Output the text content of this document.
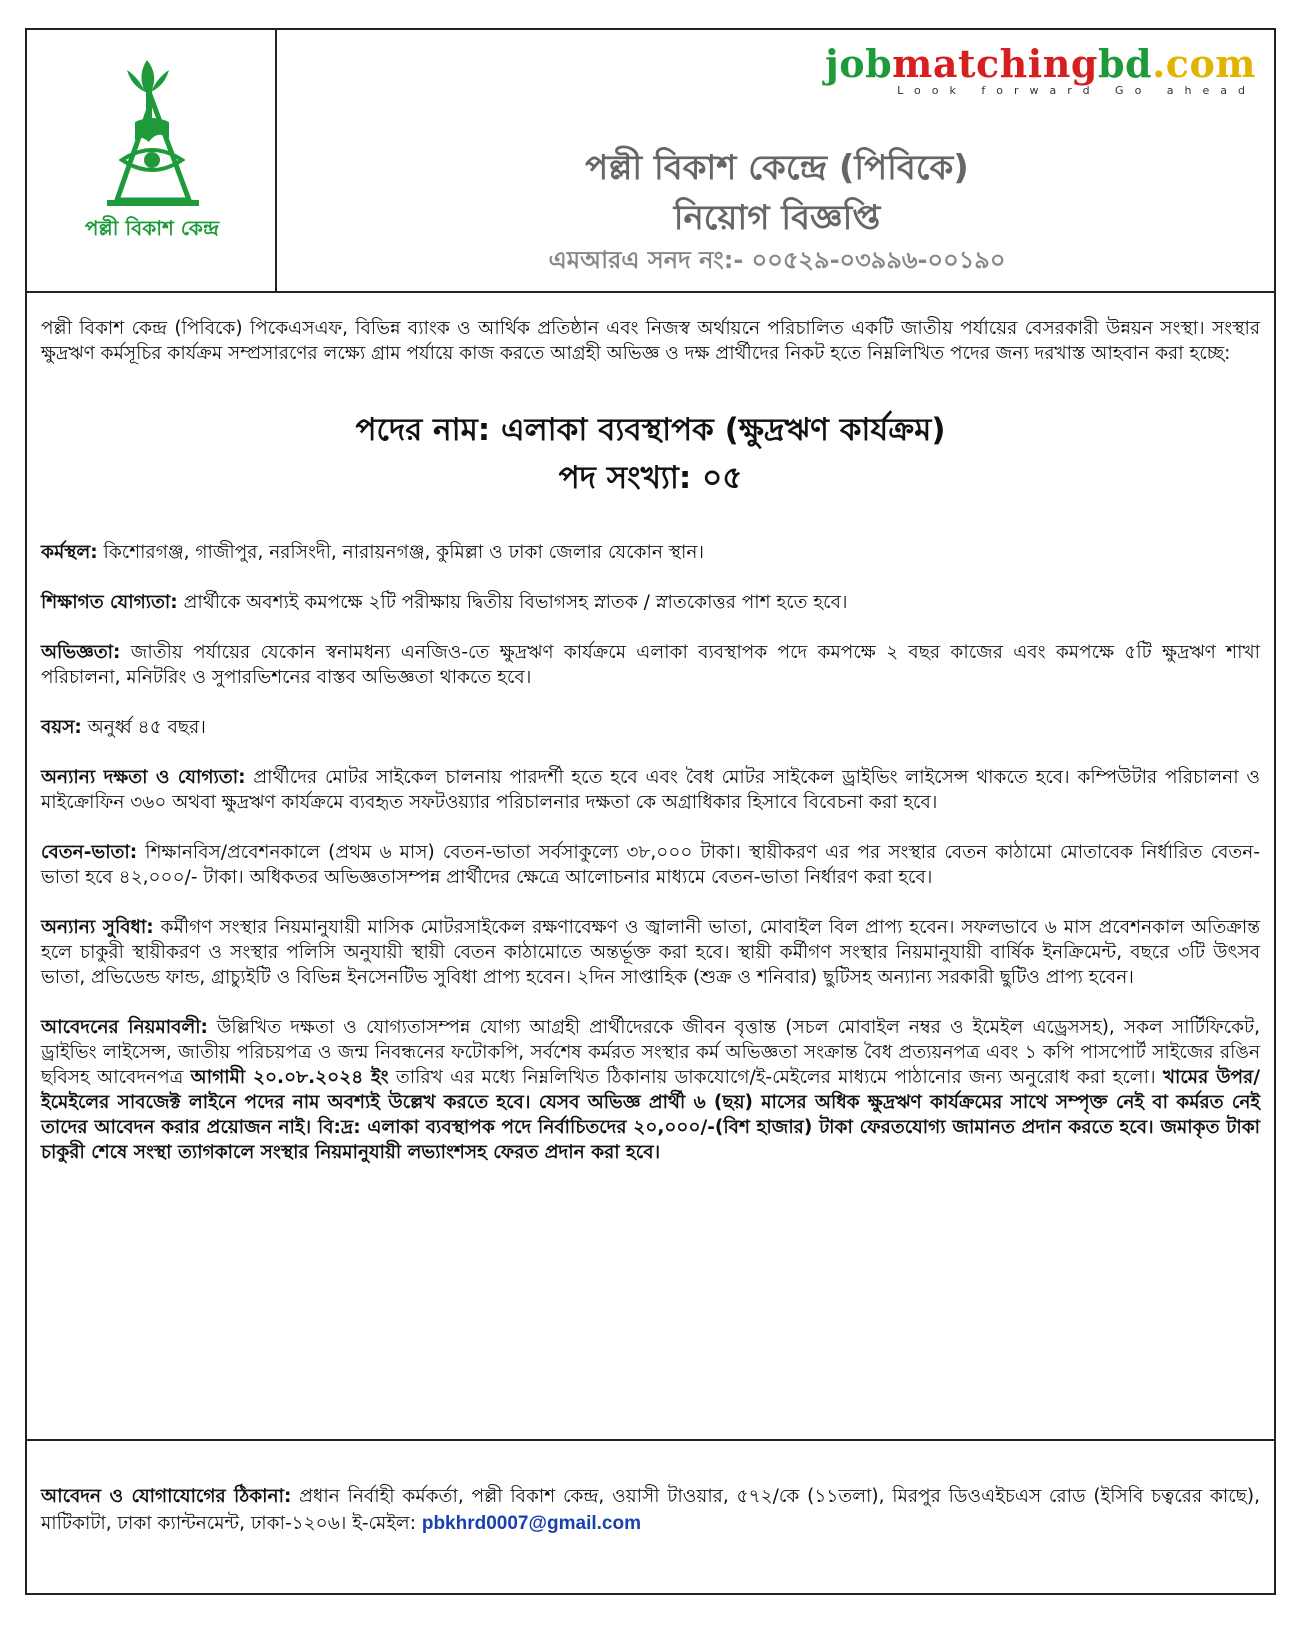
পল্লী বিকাশ কেন্দ্র
jobmatchingbd.com
Look forward Go ahead
পল্লী বিকাশ কেন্দ্রে (পিবিকে)
নিয়োগ বিজ্ঞপ্তি
এমআরএ সনদ নং:- ০০৫২৯-০৩৯৯৬-০০১৯০

পল্লী বিকাশ কেন্দ্র (পিবিকে) পিকেএসএফ, বিভিন্ন ব্যাংক ও আর্থিক প্রতিষ্ঠান এবং নিজস্ব অর্থায়নে পরিচালিত একটি জাতীয় পর্যায়ের বেসরকারী উন্নয়ন সংস্থা। সংস্থার ক্ষুদ্রঋণ কর্মসূচির কার্যক্রম সম্প্রসারণের লক্ষ্যে গ্রাম পর্যায়ে কাজ করতে আগ্রহী অভিজ্ঞ ও দক্ষ প্রার্থীদের নিকট হতে নিম্নলিখিত পদের জন্য দরখাস্ত আহবান করা হচ্ছে:

পদের নাম: এলাকা ব্যবস্থাপক (ক্ষুদ্রঋণ কার্যক্রম)
পদ সংখ্যা: ০৫

কর্মস্থল: কিশোরগঞ্জ, গাজীপুর, নরসিংদী, নারায়নগঞ্জ, কুমিল্লা ও ঢাকা জেলার যেকোন স্থান।

শিক্ষাগত যোগ্যতা: প্রার্থীকে অবশ্যই কমপক্ষে ২টি পরীক্ষায় দ্বিতীয় বিভাগসহ স্নাতক / স্নাতকোত্তর পাশ হতে হবে।

অভিজ্ঞতা: জাতীয় পর্যায়ের যেকোন স্বনামধন্য এনজিও-তে ক্ষুদ্রঋণ কার্যক্রমে এলাকা ব্যবস্থাপক পদে কমপক্ষে ২ বছর কাজের এবং কমপক্ষে ৫টি ক্ষুদ্রঋণ শাখা পরিচালনা, মনিটরিং ও সুপারভিশনের বাস্তব অভিজ্ঞতা থাকতে হবে।

বয়স: অনুর্ধ্ব ৪৫ বছর।

অন্যান্য দক্ষতা ও যোগ্যতা: প্রার্থীদের মোটর সাইকেল চালনায় পারদর্শী হতে হবে এবং বৈধ মোটর সাইকেল ড্রাইভিং লাইসেন্স থাকতে হবে। কম্পিউটার পরিচালনা ও মাইক্রোফিন ৩৬০ অথবা ক্ষুদ্রঋণ কার্যক্রমে ব্যবহৃত সফটওয়্যার পরিচালনার দক্ষতা কে অগ্রাধিকার হিসাবে বিবেচনা করা হবে।

বেতন-ভাতা: শিক্ষানবিস/প্রবেশনকালে (প্রথম ৬ মাস) বেতন-ভাতা সর্বসাকুল্যে ৩৮,০০০ টাকা। স্থায়ীকরণ এর পর সংস্থার বেতন কাঠামো মোতাবেক নির্ধারিত বেতন-ভাতা হবে ৪২,০০০/- টাকা। অধিকতর অভিজ্ঞতাসম্পন্ন প্রার্থীদের ক্ষেত্রে আলোচনার মাধ্যমে বেতন-ভাতা নির্ধারণ করা হবে।

অন্যান্য সুবিধা: কর্মীগণ সংস্থার নিয়মানুযায়ী মাসিক মোটরসাইকেল রক্ষণাবেক্ষণ ও জ্বালানী ভাতা, মোবাইল বিল প্রাপ্য হবেন। সফলভাবে ৬ মাস প্রবেশনকাল অতিক্রান্ত হলে চাকুরী স্থায়ীকরণ ও সংস্থার পলিসি অনুযায়ী স্থায়ী বেতন কাঠামোতে অন্তর্ভূক্ত করা হবে। স্থায়ী কর্মীগণ সংস্থার নিয়মানুযায়ী বার্ষিক ইনক্রিমেন্ট, বছরে ৩টি উৎসব ভাতা, প্রভিডেন্ড ফান্ড, গ্রাচ্যুইটি ও বিভিন্ন ইনসেনটিভ সুবিধা প্রাপ্য হবেন। ২দিন সাপ্তাহিক (শুক্র ও শনিবার) ছুটিসহ অন্যান্য সরকারী ছুটিও প্রাপ্য হবেন।

আবেদনের নিয়মাবলী: উল্লিখিত দক্ষতা ও যোগ্যতাসম্পন্ন যোগ্য আগ্রহী প্রার্থীদেরকে জীবন বৃত্তান্ত (সচল মোবাইল নম্বর ও ইমেইল এড্রেসসহ), সকল সার্টিফিকেট, ড্রাইভিং লাইসেন্স, জাতীয় পরিচয়পত্র ও জন্ম নিবন্ধনের ফটোকপি, সর্বশেষ কর্মরত সংস্থার কর্ম অভিজ্ঞতা সংক্রান্ত বৈধ প্রত্যয়নপত্র এবং ১ কপি পাসপোর্ট সাইজের রঙিন ছবিসহ আবেদনপত্র আগামী ২০.০৮.২০২৪ ইং তারিখ এর মধ্যে নিম্নলিখিত ঠিকানায় ডাকযোগে/ই-মেইলের মাধ্যমে পাঠানোর জন্য অনুরোধ করা হলো। খামের উপর/ইমেইলের সাবজেক্ট লাইনে পদের নাম অবশ্যই উল্লেখ করতে হবে। যেসব অভিজ্ঞ প্রার্থী ৬ (ছয়) মাসের অধিক ক্ষুদ্রঋণ কার্যক্রমের সাথে সম্পৃক্ত নেই বা কর্মরত নেই তাদের আবেদন করার প্রয়োজন নাই। বি:দ্র: এলাকা ব্যবস্থাপক পদে নির্বাচিতদের ২০,০০০/-(বিশ হাজার) টাকা ফেরতযোগ্য জামানত প্রদান করতে হবে। জমাকৃত টাকা চাকুরী শেষে সংস্থা ত্যাগকালে সংস্থার নিয়মানুযায়ী লভ্যাংশসহ ফেরত প্রদান করা হবে।

আবেদন ও যোগাযোগের ঠিকানা: প্রধান নির্বাহী কর্মকর্তা, পল্লী বিকাশ কেন্দ্র, ওয়াসী টাওয়ার, ৫৭২/কে (১১তলা), মিরপুর ডিওএইচএস রোড (ইসিবি চত্বরের কাছে), মাটিকাটা, ঢাকা ক্যান্টনমেন্ট, ঢাকা-১২০৬। ই-মেইল: pbkhrd0007@gmail.com
